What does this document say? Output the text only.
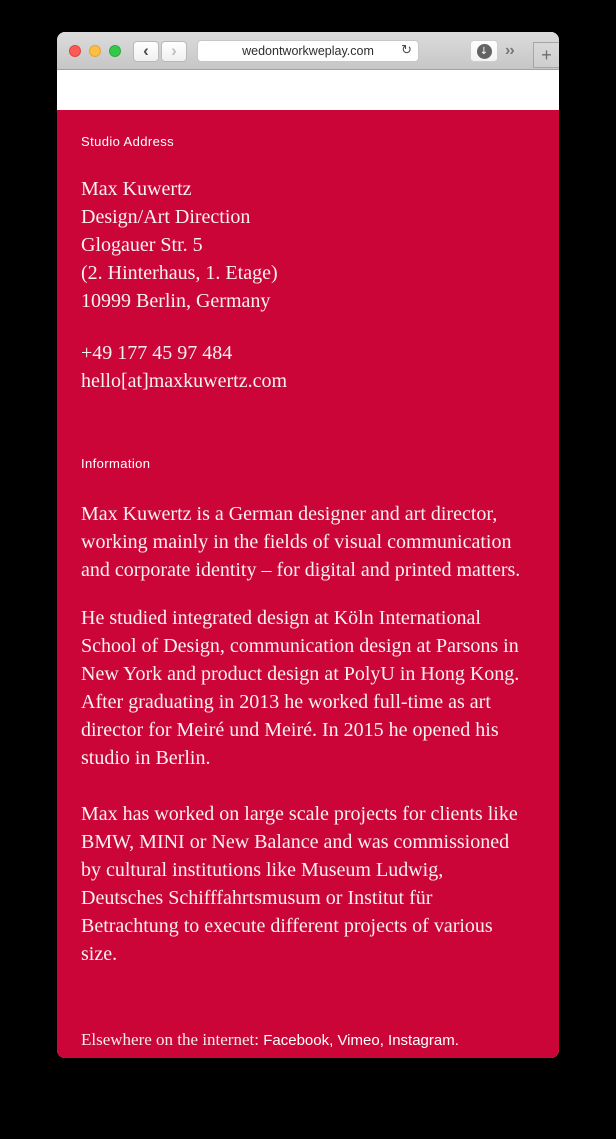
‹ ›	wedontworkweplay.com ↻	↓ ›› +
Studio Address
Max Kuwertz
Design/Art Direction
Glogauer Str. 5
(2. Hinterhaus, 1. Etage)
10999 Berlin, Germany
+49 177 45 97 484
hello[at]maxkuwertz.com
Information

Max Kuwertz is a German designer and art director, working mainly in the fields of visual communication and corporate identity – for digital and printed matters.

He studied integrated design at Köln International School of Design, communication design at Parsons in New York and product design at PolyU in Hong Kong. After graduating in 2013 he worked full-time as art director for Meiré und Meiré. In 2015 he opened his studio in Berlin.

Max has worked on large scale projects for clients like BMW, MINI or New Balance and was commissioned by cultural institutions like Museum Ludwig, Deutsches Schifffahrtsmusum or Institut für Betrachtung to execute different projects of various size.

Elsewhere on the internet: Facebook , Vimeo , Instagram .
